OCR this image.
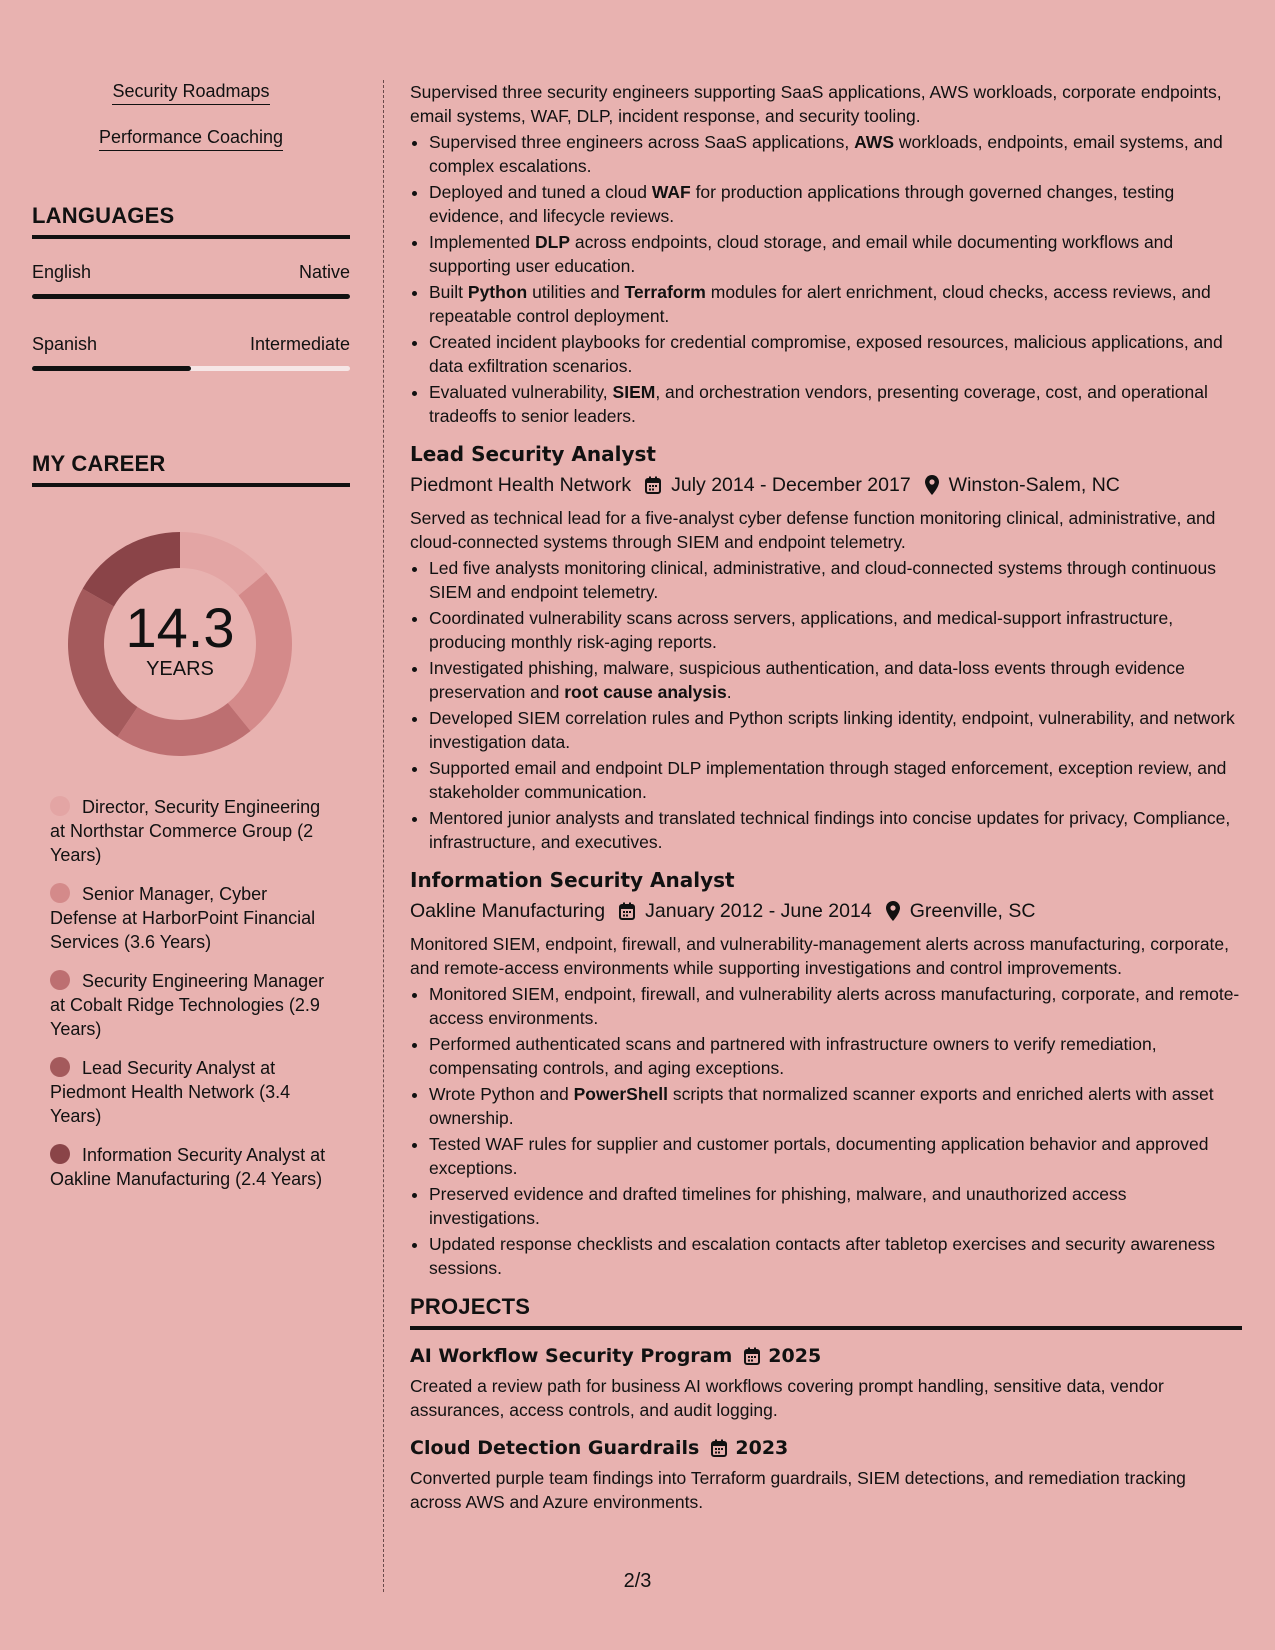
Security Roadmaps
Performance Coaching
LANGUAGES
English	Native
Spanish	Intermediate
MY CAREER
14.3
YEARS
Director, Security Engineering at Northstar Commerce Group (2 Years)
Senior Manager, Cyber Defense at HarborPoint Financial Services (3.6 Years)
Security Engineering Manager at Cobalt Ridge Technologies (2.9 Years)
Lead Security Analyst at Piedmont Health Network (3.4 Years)
Information Security Analyst at Oakline Manufacturing (2.4 Years)
Supervised three security engineers supporting SaaS applications, AWS workloads, corporate endpoints, email systems, WAF, DLP, incident response, and security tooling.
• Supervised three engineers across SaaS applications, AWS workloads, endpoints, email systems, and complex escalations.
• Deployed and tuned a cloud WAF for production applications through governed changes, testing evidence, and lifecycle reviews.
• Implemented DLP across endpoints, cloud storage, and email while documenting workflows and supporting user education.
• Built Python utilities and Terraform modules for alert enrichment, cloud checks, access reviews, and repeatable control deployment.
• Created incident playbooks for credential compromise, exposed resources, malicious applications, and data exfiltration scenarios.
• Evaluated vulnerability, SIEM, and orchestration vendors, presenting coverage, cost, and operational tradeoffs to senior leaders.
Lead Security Analyst
Piedmont Health Network July 2014 - December 2017 Winston-Salem, NC
Served as technical lead for a five-analyst cyber defense function monitoring clinical, administrative, and cloud-connected systems through SIEM and endpoint telemetry.
• Led five analysts monitoring clinical, administrative, and cloud-connected systems through continuous SIEM and endpoint telemetry.
• Coordinated vulnerability scans across servers, applications, and medical-support infrastructure, producing monthly risk-aging reports.
• Investigated phishing, malware, suspicious authentication, and data-loss events through evidence preservation and root cause analysis.
• Developed SIEM correlation rules and Python scripts linking identity, endpoint, vulnerability, and network investigation data.
• Supported email and endpoint DLP implementation through staged enforcement, exception review, and stakeholder communication.
• Mentored junior analysts and translated technical findings into concise updates for privacy, Compliance, infrastructure, and executives.
Information Security Analyst
Oakline Manufacturing January 2012 - June 2014 Greenville, SC
Monitored SIEM, endpoint, firewall, and vulnerability-management alerts across manufacturing, corporate, and remote-access environments while supporting investigations and control improvements.
• Monitored SIEM, endpoint, firewall, and vulnerability alerts across manufacturing, corporate, and remote-access environments.
• Performed authenticated scans and partnered with infrastructure owners to verify remediation, compensating controls, and aging exceptions.
• Wrote Python and PowerShell scripts that normalized scanner exports and enriched alerts with asset ownership.
• Tested WAF rules for supplier and customer portals, documenting application behavior and approved exceptions.
• Preserved evidence and drafted timelines for phishing, malware, and unauthorized access investigations.
• Updated response checklists and escalation contacts after tabletop exercises and security awareness sessions.
PROJECTS
AI Workflow Security Program 2025
Created a review path for business AI workflows covering prompt handling, sensitive data, vendor assurances, access controls, and audit logging.
Cloud Detection Guardrails 2023
Converted purple team findings into Terraform guardrails, SIEM detections, and remediation tracking across AWS and Azure environments.
2/3
